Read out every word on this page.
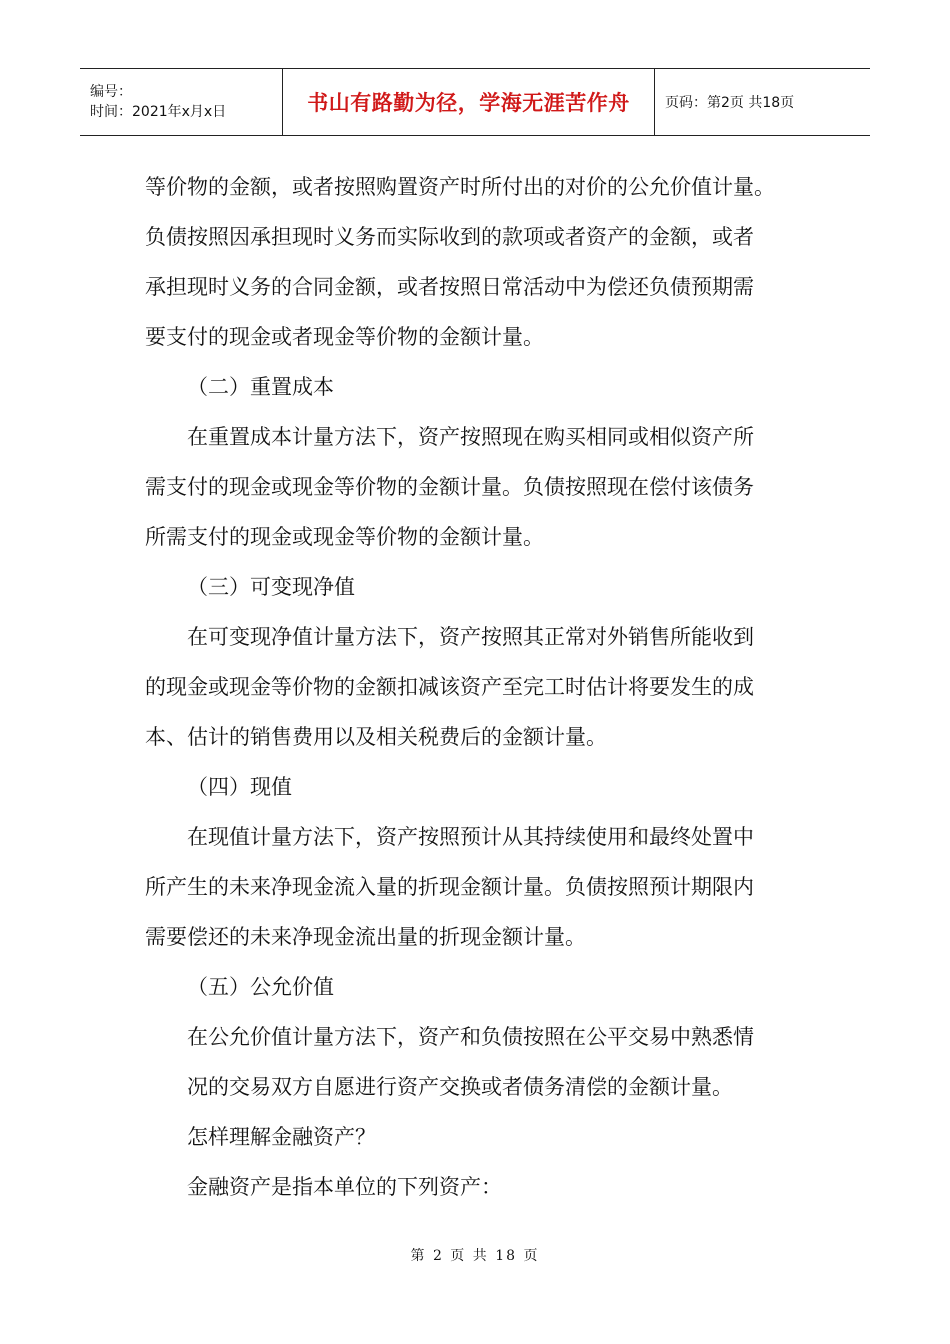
编号：
时间：2021年x月x日	书山有路勤为径，学海无涯苦作舟	页码：第2页 共18页
等价物的金额，或者按照购置资产时所付出的对价的公允价值计量。
负债按照因承担现时义务而实际收到的款项或者资产的金额，或者
承担现时义务的合同金额，或者按照日常活动中为偿还负债预期需
要支付的现金或者现金等价物的金额计量。
（二）重置成本
在重置成本计量方法下，资产按照现在购买相同或相似资产所
需支付的现金或现金等价物的金额计量。负债按照现在偿付该债务
所需支付的现金或现金等价物的金额计量。
（三）可变现净值
在可变现净值计量方法下，资产按照其正常对外销售所能收到
的现金或现金等价物的金额扣减该资产至完工时估计将要发生的成
本、估计的销售费用以及相关税费后的金额计量。
（四）现值
在现值计量方法下，资产按照预计从其持续使用和最终处置中
所产生的未来净现金流入量的折现金额计量。负债按照预计期限内
需要偿还的未来净现金流出量的折现金额计量。
（五）公允价值
在公允价值计量方法下，资产和负债按照在公平交易中熟悉情
况的交易双方自愿进行资产交换或者债务清偿的金额计量。
怎样理解金融资产？
金融资产是指本单位的下列资产：
第 2 页 共 18 页
